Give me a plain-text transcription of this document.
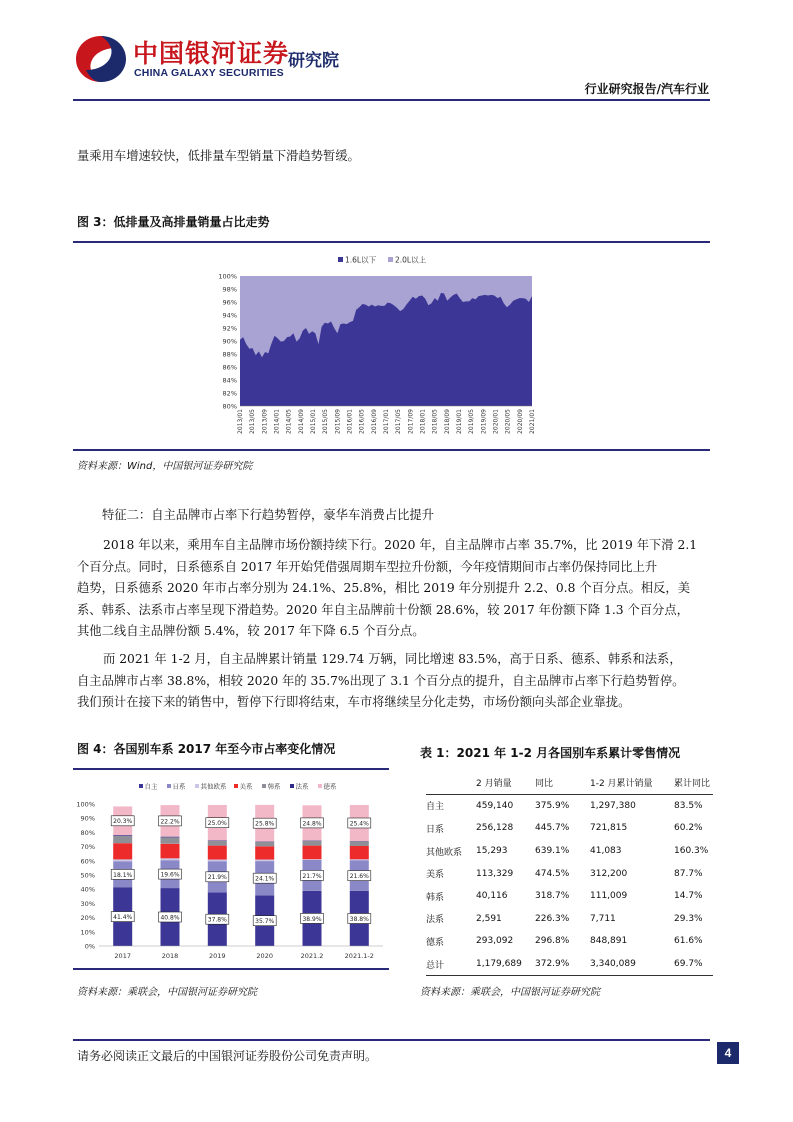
中国银河证券
CHINA GALAXY SECURITIES
研究院
行业研究报告/汽车行业
量乘用车增速较快，低排量车型销量下滑趋势暂缓。
图 3：低排量及高排量销量占比走势
1.6L以下	2.0L以上
80%
82%
84%
86%
88%
90%
92%
94%
96%
98%
100%
2013/01 2013/05 2013/09 2014/01 2014/05 2014/09 2015/01 2015/05 2015/09 2016/01 2016/05 2016/09 2017/01 2017/05 2017/09 2018/01 2018/05 2018/09 2019/01 2019/05 2019/09 2020/01 2020/05 2020/09 2021/01
资料来源：Wind，中国银河证券研究院
特征二：自主品牌市占率下行趋势暂停，豪华车消费占比提升
2018 年以来，乘用车自主品牌市场份额持续下行。2020 年，自主品牌市占率 35.7%，比 2019 年下滑 2.1
个百分点。同时，日系德系自 2017 年开始凭借强周期车型拉升份额，今年疫情期间市占率仍保持同比上升
趋势，日系德系 2020 年市占率分别为 24.1%、25.8%，相比 2019 年分别提升 2.2、0.8 个百分点。相反，美
系、韩系、法系市占率呈现下滑趋势。2020 年自主品牌前十份额 28.6%，较 2017 年份额下降 1.3 个百分点，
其他二线自主品牌份额 5.4%，较 2017 年下降 6.5 个百分点。
而 2021 年 1-2 月，自主品牌累计销量 129.74 万辆，同比增速 83.5%，高于日系、德系、韩系和法系，
自主品牌市占率 38.8%，相较 2020 年的 35.7%出现了 3.1 个百分点的提升，自主品牌市占率下行趋势暂停。
我们预计在接下来的销售中，暂停下行即将结束，车市将继续呈分化走势，市场份额向头部企业靠拢。
图 4：各国别车系 2017 年至今市占率变化情况
自主 日系 其他欧系 美系 韩系 法系 德系
0%
10%
20%
30%
40%
50%
60%
70%
80%
90%
100%
41.4%
18.1%
20.3%
40.8%
19.6%
22.2%
37.8%
21.9%
25.0%
35.7%
24.1%
25.8%
38.9%
21.7%
24.8%
38.8%
21.6%
25.4%
2017	2018	2019	2020	2021.2	2021.1-2
资料来源：乘联会，中国银河证券研究院
表 1：2021 年 1-2 月各国别车系累计零售情况
	2 月销量	同比	1-2 月累计销量	累计同比
自主	459,140	375.9%	1,297,380	83.5%
日系	256,128	445.7%	721,815	60.2%
其他欧系	15,293	639.1%	41,083	160.3%
美系	113,329	474.5%	312,200	87.7%
韩系	40,116	318.7%	111,009	14.7%
法系	2,591	226.3%	7,711	29.3%
德系	293,092	296.8%	848,891	61.6%
总计	1,179,689	372.9%	3,340,089	69.7%
资料来源：乘联会，中国银河证券研究院
请务必阅读正文最后的中国银河证券股份公司免责声明。	4
